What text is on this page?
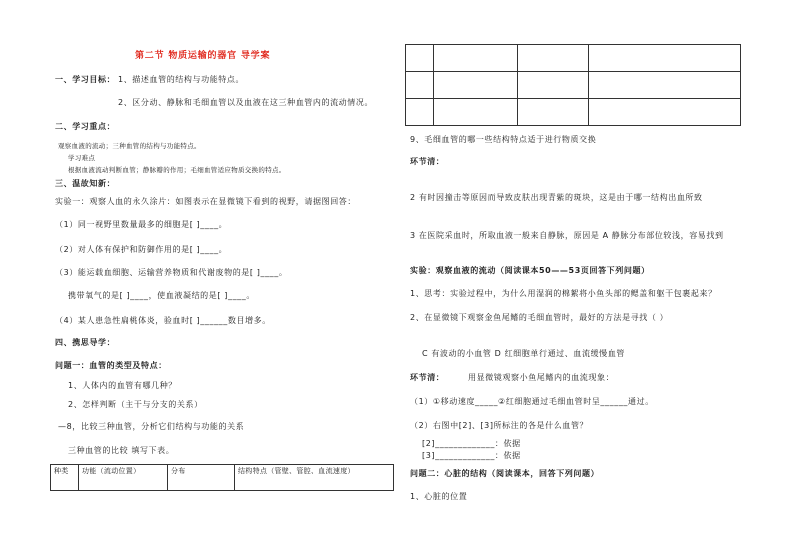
第二节 物质运输的器官 导学案
一、学习目标： 1、描述血管的结构与功能特点。
2、区分动、静脉和毛细血管以及血液在这三种血管内的流动情况。
二、学习重点：
观察血液的流动；三种血管的结构与功能特点。
学习难点
根据血液流动判断血管；静脉瓣的作用；毛细血管适应物质交换的特点。
三、温故知新：
实验一：观察人血的永久涂片：如图表示在显微镜下看到的视野，请据图回答：
（1）同一视野里数量最多的细胞是[ ]____。
（2）对人体有保护和防御作用的是[ ]____。
（3）能运载血细胞、运输营养物质和代谢废物的是[ ]____。
携带氧气的是[ ]____，使血液凝结的是[ ]____。
（4）某人患急性扁桃体炎，验血时[ ]______数目增多。
四、携思导学：
问题一：血管的类型及特点：
1、人体内的血管有哪几种？
2、怎样判断（主干与分支的关系）
—8，比较三种血管，分析它们结构与功能的关系
三种血管的比较 填写下表。
种类	功能（流动位置）	分布	结构特点（管壁、管腔、血流速度）

9、毛细血管的哪一些结构特点适于进行物质交换
环节清：
2 有时因撞击等原因而导致皮肤出现青紫的斑块，这是由于哪一结构出血所致
3 在医院采血时，所取血液一般来自静脉，原因是 A 静脉分布部位较浅，容易找到
实验：观察血液的流动（阅读课本50——53页回答下列问题）
1、思考：实验过程中，为什么用湿润的棉絮将小鱼头部的鳃盖和躯干包裹起来？
2、在显微镜下观察金鱼尾鳍的毛细血管时，最好的方法是寻找（ ）
C 有波动的小血管 D 红细胞单行通过、血流缓慢血管
环节清：	用显微镜观察小鱼尾鳍内的血流现象：
（1）①移动速度_____②红细胞通过毛细血管时呈______通过。
（2）右图中[2]、[3]所标注的各是什么血管？
[2]_____________：依据
[3]_____________：依据
问题二：心脏的结构（阅读课本，回答下列问题）
1、心脏的位置
